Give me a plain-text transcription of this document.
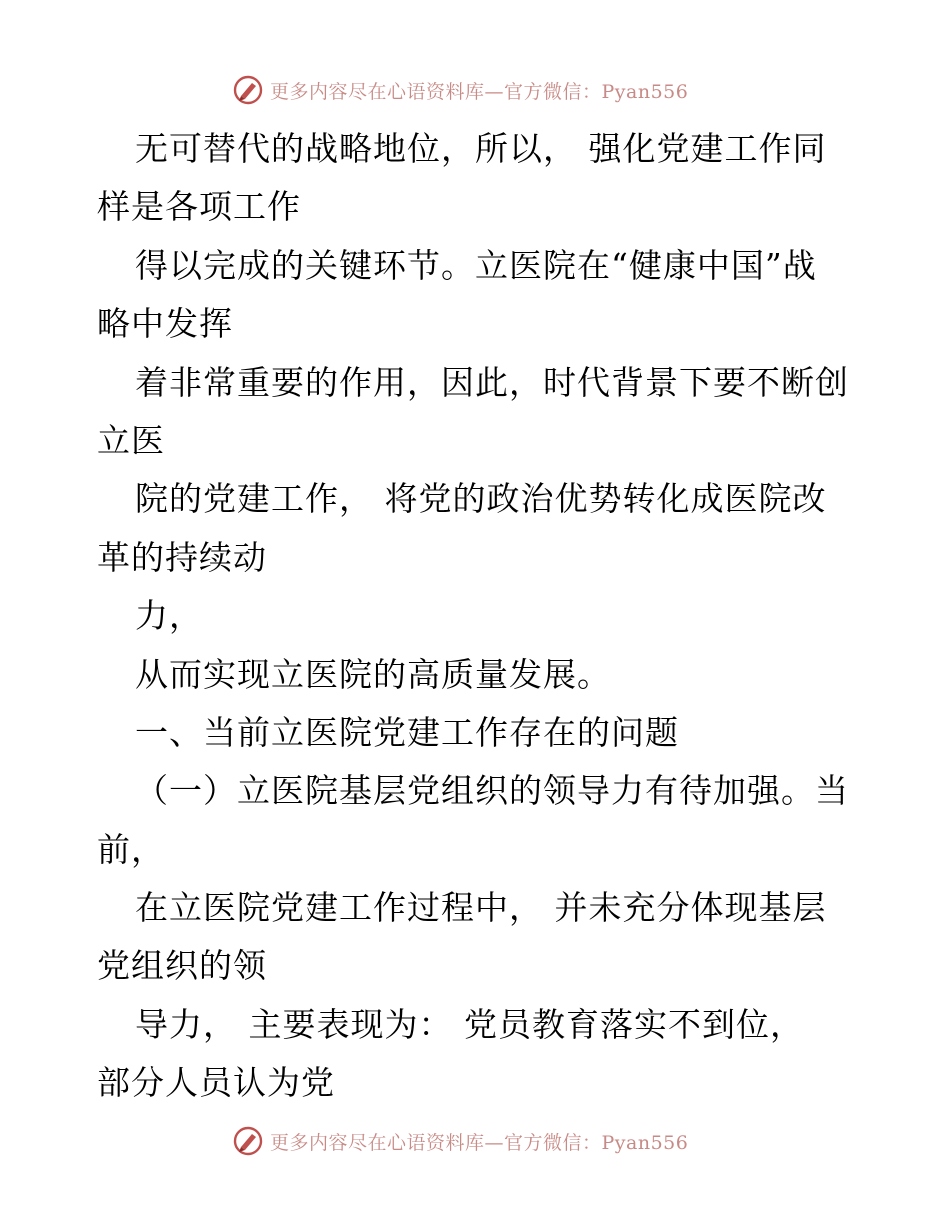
更多内容尽在心语资料库—官方微信：Pyan556
无可替代的战略地位，所以， 强化党建工作同
样是各项工作
得以完成的关键环节。立医院在“健康中国”战
略中发挥
着非常重要的作用，因此，时代背景下要不断创
立医
院的党建工作， 将党的政治优势转化成医院改
革的持续动
力，
从而实现立医院的高质量发展。
一、当前立医院党建工作存在的问题
（一）立医院基层党组织的领导力有待加强。当
前，
在立医院党建工作过程中， 并未充分体现基层
党组织的领
导力， 主要表现为： 党员教育落实不到位，
部分人员认为党
更多内容尽在心语资料库—官方微信：Pyan556
